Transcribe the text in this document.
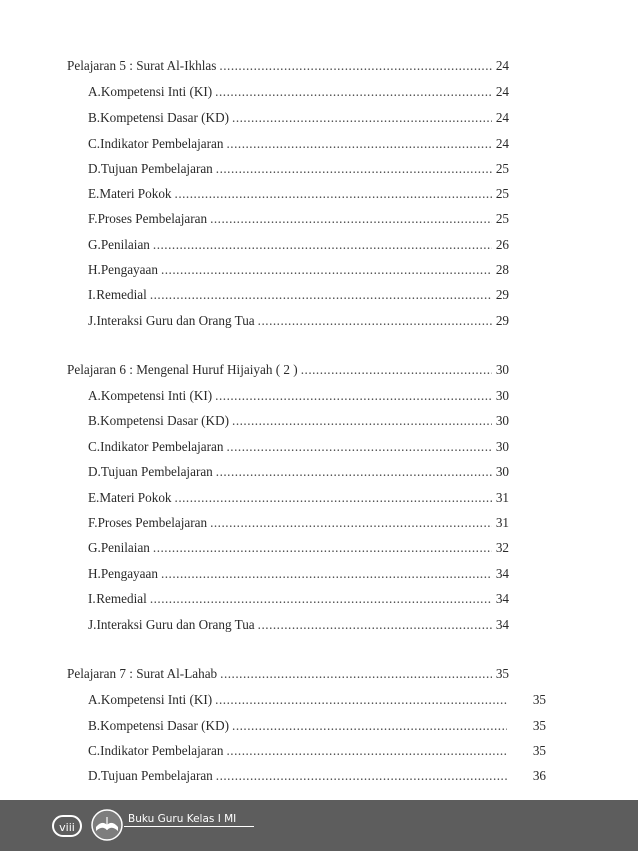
Pelajaran 5 : Surat Al-Ikhlas .....	24
A. Kompetensi Inti (KI) .....	24
B. Kompetensi Dasar (KD) .....	24
C. Indikator Pembelajaran .....	24
D. Tujuan Pembelajaran .....	25
E. Materi Pokok .....	25
F. Proses Pembelajaran .....	25
G. Penilaian .....	26
H. Pengayaan .....	28
I. Remedial .....	29
J. Interaksi Guru dan Orang Tua .....	29
Pelajaran 6 : Mengenal Huruf Hijaiyah ( 2 ) .....	30
A. Kompetensi Inti (KI) .....	30
B. Kompetensi Dasar (KD) .....	30
C. Indikator Pembelajaran .....	30
D. Tujuan Pembelajaran .....	30
E. Materi Pokok .....	31
F. Proses Pembelajaran .....	31
G. Penilaian .....	32
H. Pengayaan .....	34
I. Remedial .....	34
J. Interaksi Guru dan Orang Tua .....	34
Pelajaran 7 : Surat Al-Lahab .....	35
A. Kompetensi Inti (KI) .....	35
B. Kompetensi Dasar (KD) .....	35
C. Indikator Pembelajaran .....	35
D. Tujuan Pembelajaran .....	36
viii
Buku Guru Kelas I MI
